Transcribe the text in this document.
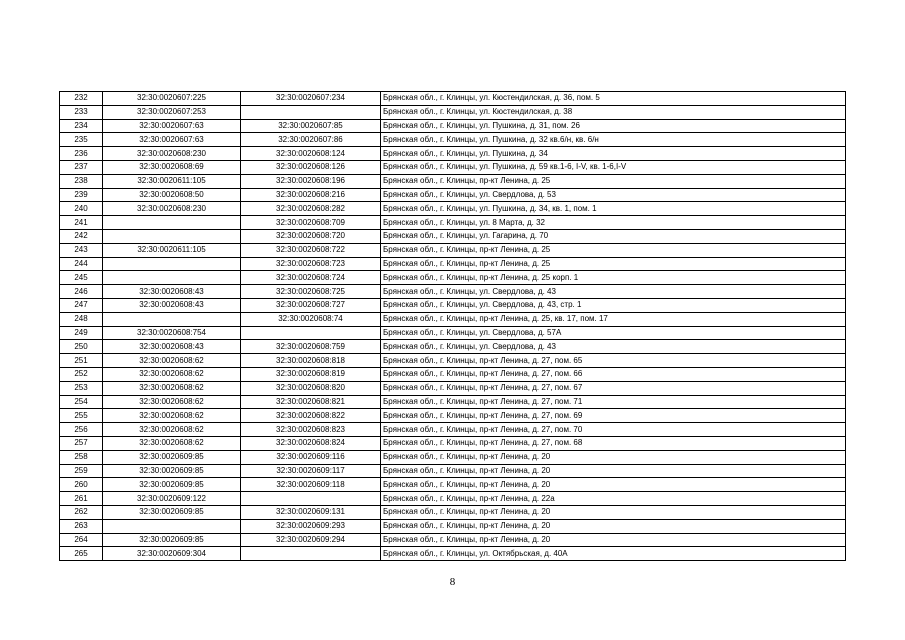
232	32:30:0020607:225	32:30:0020607:234	Брянская обл., г. Клинцы, ул. Кюстендилская, д. 36, пом. 5
233	32:30:0020607:253		Брянская обл., г. Клинцы, ул. Кюстендилская, д. 38
234	32:30:0020607:63	32:30:0020607:85	Брянская обл., г. Клинцы, ул. Пушкина, д. 31, пом. 26
235	32:30:0020607:63	32:30:0020607:86	Брянская обл., г. Клинцы, ул. Пушкина, д. 32 кв.6/н, кв. 6/н
236	32:30:0020608:230	32:30:0020608:124	Брянская обл., г. Клинцы, ул. Пушкина, д. 34
237	32:30:0020608:69	32:30:0020608:126	Брянская обл., г. Клинцы, ул. Пушкина, д. 59 кв.1-6, I-V, кв. 1-6,I-V
238	32:30:0020611:105	32:30:0020608:196	Брянская обл., г. Клинцы, пр-кт Ленина, д. 25
239	32:30:0020608:50	32:30:0020608:216	Брянская обл., г. Клинцы, ул. Свердлова, д. 53
240	32:30:0020608:230	32:30:0020608:282	Брянская обл., г. Клинцы, ул. Пушкина, д. 34, кв. 1, пом. 1
241		32:30:0020608:709	Брянская обл., г. Клинцы, ул. 8 Марта, д. 32
242		32:30:0020608:720	Брянская обл., г. Клинцы, ул. Гагарина, д. 70
243	32:30:0020611:105	32:30:0020608:722	Брянская обл., г. Клинцы, пр-кт Ленина, д. 25
244		32:30:0020608:723	Брянская обл., г. Клинцы, пр-кт Ленина, д. 25
245		32:30:0020608:724	Брянская обл., г. Клинцы, пр-кт Ленина, д. 25 корп. 1
246	32:30:0020608:43	32:30:0020608:725	Брянская обл., г. Клинцы, ул. Свердлова, д. 43
247	32:30:0020608:43	32:30:0020608:727	Брянская обл., г. Клинцы, ул. Свердлова, д. 43, стр. 1
248		32:30:0020608:74	Брянская обл., г. Клинцы, пр-кт Ленина, д. 25, кв. 17, пом. 17
249	32:30:0020608:754		Брянская обл., г. Клинцы, ул. Свердлова, д. 57А
250	32:30:0020608:43	32:30:0020608:759	Брянская обл., г. Клинцы, ул. Свердлова, д. 43
251	32:30:0020608:62	32:30:0020608:818	Брянская обл., г. Клинцы, пр-кт Ленина, д. 27, пом. 65
252	32:30:0020608:62	32:30:0020608:819	Брянская обл., г. Клинцы, пр-кт Ленина, д. 27, пом. 66
253	32:30:0020608:62	32:30:0020608:820	Брянская обл., г. Клинцы, пр-кт Ленина, д. 27, пом. 67
254	32:30:0020608:62	32:30:0020608:821	Брянская обл., г. Клинцы, пр-кт Ленина, д. 27, пом. 71
255	32:30:0020608:62	32:30:0020608:822	Брянская обл., г. Клинцы, пр-кт Ленина, д. 27, пом. 69
256	32:30:0020608:62	32:30:0020608:823	Брянская обл., г. Клинцы, пр-кт Ленина, д. 27, пом. 70
257	32:30:0020608:62	32:30:0020608:824	Брянская обл., г. Клинцы, пр-кт Ленина, д. 27, пом. 68
258	32:30:0020609:85	32:30:0020609:116	Брянская обл., г. Клинцы, пр-кт Ленина, д. 20
259	32:30:0020609:85	32:30:0020609:117	Брянская обл., г. Клинцы, пр-кт Ленина, д. 20
260	32:30:0020609:85	32:30:0020609:118	Брянская обл., г. Клинцы, пр-кт Ленина, д. 20
261	32:30:0020609:122		Брянская обл., г. Клинцы, пр-кт Ленина, д. 22а
262	32:30:0020609:85	32:30:0020609:131	Брянская обл., г. Клинцы, пр-кт Ленина, д. 20
263		32:30:0020609:293	Брянская обл., г. Клинцы, пр-кт Ленина, д. 20
264	32:30:0020609:85	32:30:0020609:294	Брянская обл., г. Клинцы, пр-кт Ленина, д. 20
265	32:30:0020609:304		Брянская обл., г. Клинцы, ул. Октябрьская, д. 40А
8
